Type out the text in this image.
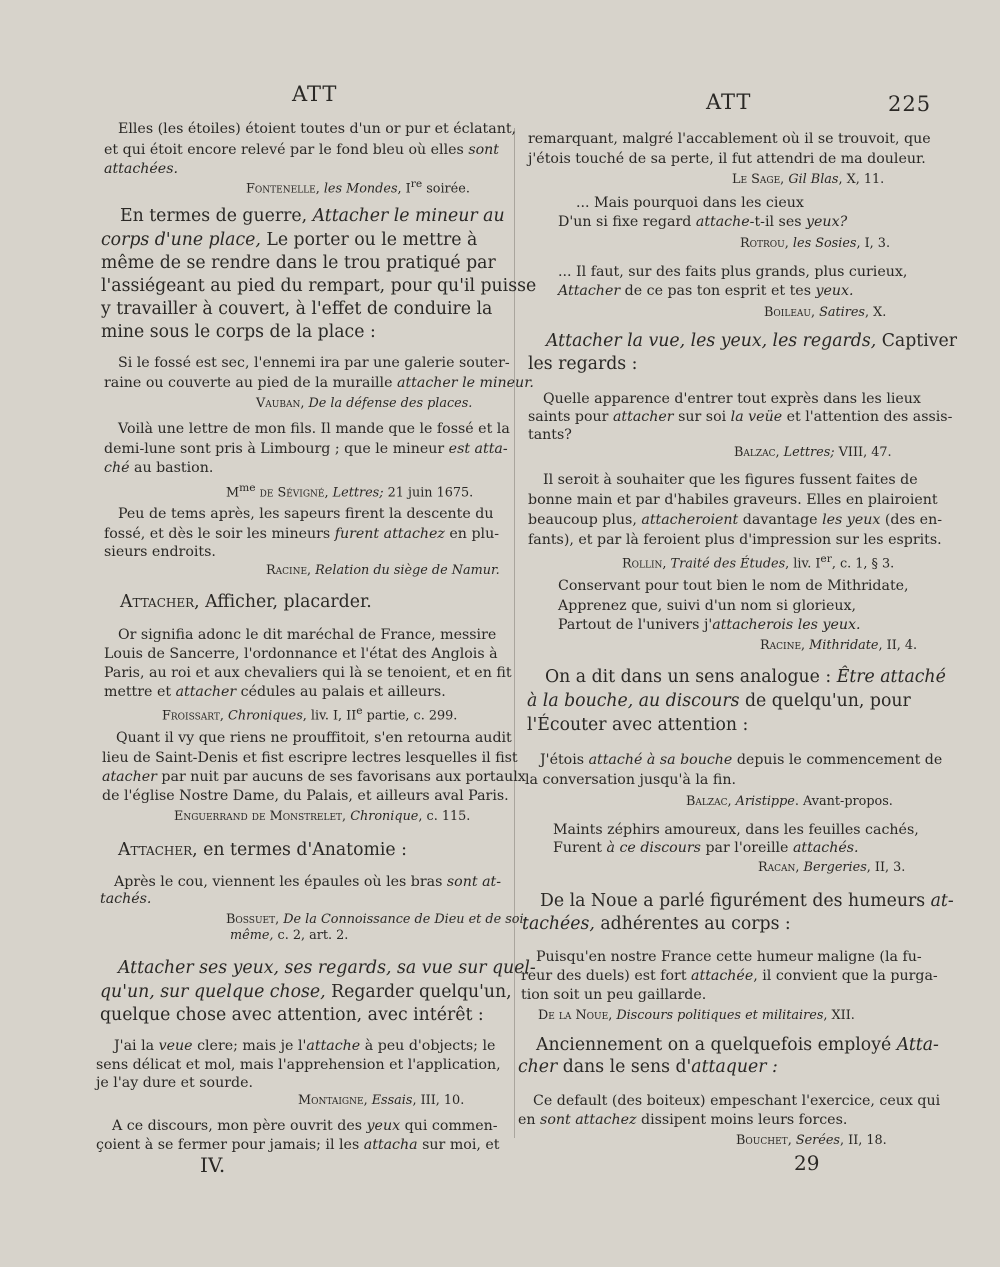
ATT	ATT	225
Elles (les étoiles) étoient toutes d'un or pur et éclatant,
et qui étoit encore relevé par le fond bleu où elles sont
attachées.
Fontenelle, les Mondes, Ire soirée.
En termes de guerre, Attacher le mineur au
corps d'une place, Le porter ou le mettre à
même de se rendre dans le trou pratiqué par
l'assiégeant au pied du rempart, pour qu'il puisse
y travailler à couvert, à l'effet de conduire la
mine sous le corps de la place :
Si le fossé est sec, l'ennemi ira par une galerie souter-
raine ou couverte au pied de la muraille attacher le mineur.
Vauban, De la défense des places.
Voilà une lettre de mon fils. Il mande que le fossé et la
demi-lune sont pris à Limbourg ; que le mineur est atta-
ché au bastion.
$M^{me}$ de Sévigné, Lettres; 21 juin 1675.
Peu de tems après, les sapeurs firent la descente du
fossé, et dès le soir les mineurs furent attachez en plu-
sieurs endroits.
Racine, Relation du siège de Namur.
Attacher, Afficher, placarder.
Or signifia adonc le dit maréchal de France, messire
Louis de Sancerre, l'ordonnance et l'état des Anglois à
Paris, au roi et aux chevaliers qui là se tenoient, et en fit
mettre et attacher cédules au palais et ailleurs.
Froissart, Chroniques, liv. I, IIe partie, c. 299.
Quant il vy que riens ne prouffitoit, s'en retourna audit
lieu de Saint-Denis et fist escripre lectres lesquelles il fist
atacher par nuit par aucuns de ses favorisans aux portaulx
de l'église Nostre Dame, du Palais, et ailleurs aval Paris.
Enguerrand de Monstrelet, Chronique, c. 115.
Attacher, en termes d'Anatomie :
Après le cou, viennent les épaules où les bras sont at-
tachés.
Bossuet, De la Connoissance de Dieu et de soi-
même, c. 2, art. 2.
Attacher ses yeux, ses regards, sa vue sur quel-
qu'un, sur quelque chose, Regarder quelqu'un,
quelque chose avec attention, avec intérêt :
J'ai la veue clere; mais je l'attache à peu d'objects; le
sens délicat et mol, mais l'apprehension et l'application,
je l'ay dure et sourde.
Montaigne, Essais, III, 10.
A ce discours, mon père ouvrit des yeux qui commen-
çoient à se fermer pour jamais; il les attacha sur moi, et
remarquant, malgré l'accablement où il se trouvoit, que
j'étois touché de sa perte, il fut attendri de ma douleur.
Le Sage, Gil Blas, X, 11.
... Mais pourquoi dans les cieux
D'un si fixe regard attache-t-il ses yeux?
Rotrou, les Sosies, I, 3.
... Il faut, sur des faits plus grands, plus curieux,
Attacher de ce pas ton esprit et tes yeux.
Boileau, Satires, X.
Attacher la vue, les yeux, les regards, Captiver
les regards :
Quelle apparence d'entrer tout exprès dans les lieux
saints pour attacher sur soi la veüe et l'attention des assis-
tants?
Balzac, Lettres; VIII, 47.
Il seroit à souhaiter que les figures fussent faites de
bonne main et par d'habiles graveurs. Elles en plairoient
beaucoup plus, attacheroient davantage les yeux (des en-
fants), et par là feroient plus d'impression sur les esprits.
Rollin, Traité des Études, liv. Ier, c. 1, § 3.
Conservant pour tout bien le nom de Mithridate,
Apprenez que, suivi d'un nom si glorieux,
Partout de l'univers j'attacherois les yeux.
Racine, Mithridate, II, 4.
On a dit dans un sens analogue : Être attaché
à la bouche, au discours de quelqu'un, pour
l'Écouter avec attention :
J'étois attaché à sa bouche depuis le commencement de
la conversation jusqu'à la fin.
Balzac, Aristippe. Avant-propos.
Maints zéphirs amoureux, dans les feuilles cachés,
Furent à ce discours par l'oreille attachés.
Racan, Bergeries, II, 3.
De la Noue a parlé figurément des humeurs at-
tachées, adhérentes au corps :
Puisqu'en nostre France cette humeur maligne (la fu-
reur des duels) est fort attachée, il convient que la purga-
tion soit un peu gaillarde.
De la Noue, Discours politiques et militaires, XII.
Anciennement on a quelquefois employé Atta-
cher dans le sens d'attaquer :
Ce default (des boiteux) empeschant l'exercice, ceux qui
en sont attachez dissipent moins leurs forces.
Bouchet, Serées, II, 18.
IV.	29
